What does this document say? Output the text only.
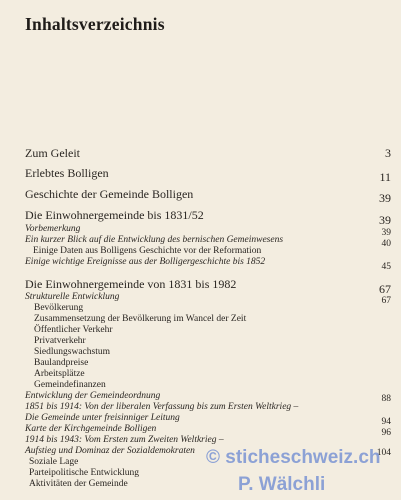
Inhaltsverzeichnis
Zum Geleit	3
Erlebtes Bolligen	11
Geschichte der Gemeinde Bolligen	39
Die Einwohnergemeinde bis 1831/52	39
Vorbemerkung	39
Ein kurzer Blick auf die Entwicklung des bernischen Gemeinwesens	40
Einige Daten aus Bolligens Geschichte vor der Reformation
Einige wichtige Ereignisse aus der Bolligergeschichte bis 1852	45
Die Einwohnergemeinde von 1831 bis 1982	67
Strukturelle Entwicklung	67
Bevölkerung
Zusammensetzung der Bevölkerung im Wancel der Zeit
Öffentlicher Verkehr
Privatverkehr
Siedlungswachstum
Baulandpreise
Arbeitsplätze
Gemeindefinanzen
Entwicklung der Gemeindeordnung	88
1851 bis 1914: Von der liberalen Verfassung bis zum Ersten Weltkrieg –
Die Gemeinde unter freisinniger Leitung	94
Karte der Kirchgemeinde Bolligen	96
1914 bis 1943: Vom Ersten zum Zweiten Weltkrieg –
Aufstieg und Dominaz der Sozialdemokraten	104
Soziale Lage
Parteipolitische Entwicklung
Aktivitäten der Gemeinde
© sticheschweiz.ch
P. Wälchli
